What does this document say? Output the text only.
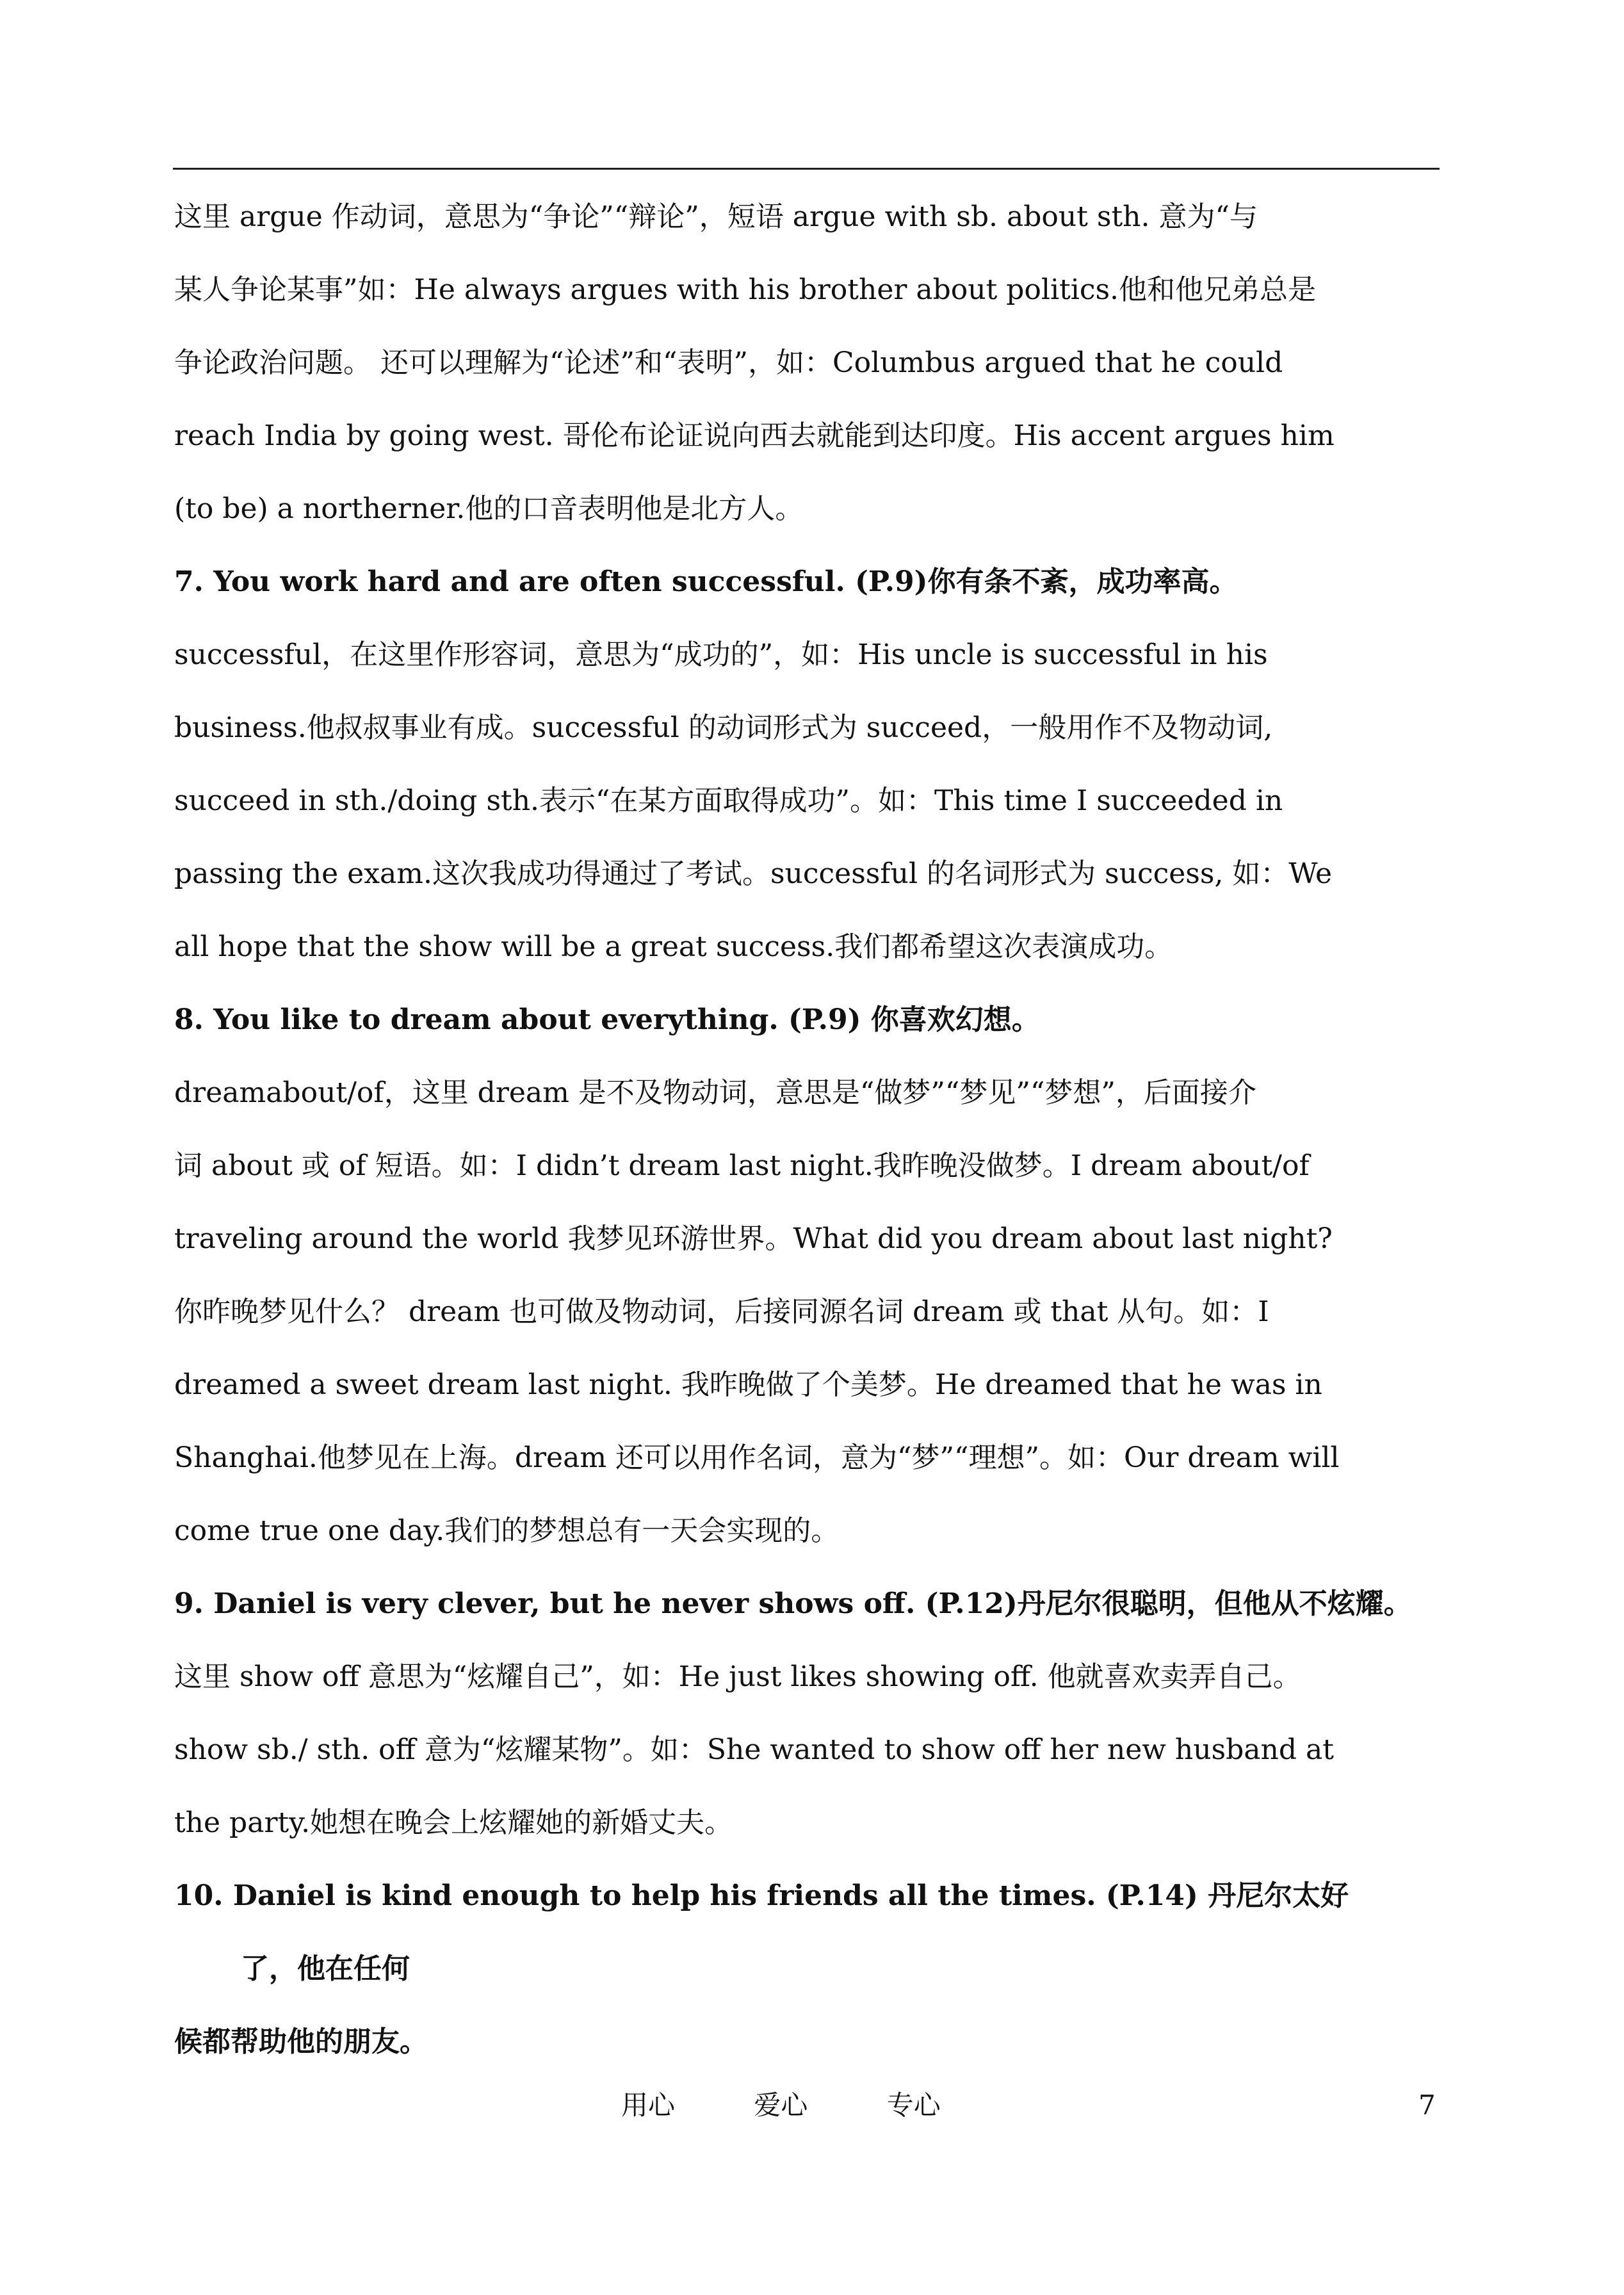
这里 argue 作动词，意思为“争论”“辩论”，短语 argue with sb. about sth. 意为“与
某人争论某事”如：He always argues with his brother about politics.他和他兄弟总是
争论政治问题。 还可以理解为“论述”和“表明”，如：Columbus argued that he could
reach India by going west. 哥伦布论证说向西去就能到达印度。His accent argues him
(to be) a northerner.他的口音表明他是北方人。
7. You work hard and are often successful. (P.9)你有条不紊，成功率高。
successful，在这里作形容词，意思为“成功的”，如：His uncle is successful in his
business.他叔叔事业有成。successful 的动词形式为 succeed，一般用作不及物动词,
succeed in sth./doing sth.表示“在某方面取得成功”。如：This time I succeeded in
passing the exam.这次我成功得通过了考试。successful 的名词形式为 success, 如：We
all hope that the show will be a great success.我们都希望这次表演成功。
8. You like to dream about everything. (P.9) 你喜欢幻想。
dreamabout/of，这里 dream 是不及物动词，意思是“做梦”“梦见”“梦想”，后面接介
词 about 或 of 短语。如：I didn’t dream last night.我昨晚没做梦。I dream about/of
traveling around the world 我梦见环游世界。What did you dream about last night?
你昨晚梦见什么？ dream 也可做及物动词，后接同源名词 dream 或 that 从句。如：I
dreamed a sweet dream last night. 我昨晚做了个美梦。He dreamed that he was in
Shanghai.他梦见在上海。dream 还可以用作名词，意为“梦”“理想”。如：Our dream will
come true one day.我们的梦想总有一天会实现的。
9. Daniel is very clever, but he never shows off. (P.12)丹尼尔很聪明，但他从不炫耀。
这里 show off 意思为“炫耀自己”，如：He just likes showing off. 他就喜欢卖弄自己。
show sb./ sth. off 意为“炫耀某物”。如：She wanted to show off her new husband at
the party.她想在晚会上炫耀她的新婚丈夫。
10. Daniel is kind enough to help his friends all the times. (P.14) 丹尼尔太好
了，他在任何
候都帮助他的朋友。
用心	爱心	专心	7
